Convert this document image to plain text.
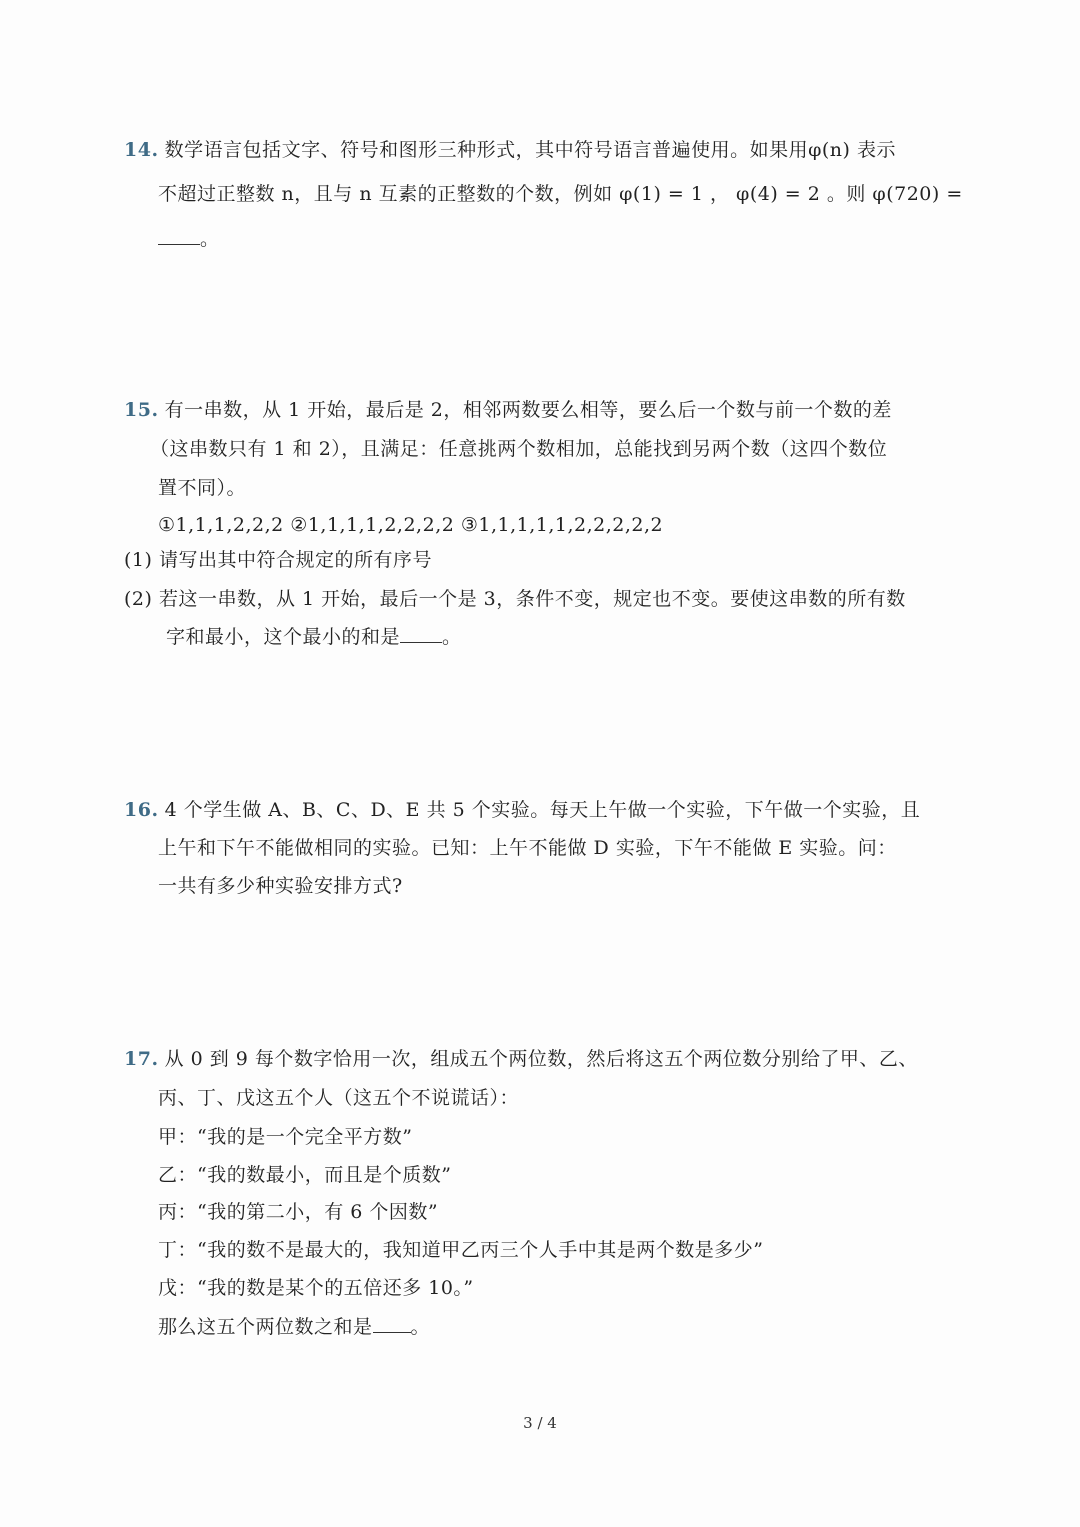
14. 数学语言包括文字、符号和图形三种形式，其中符号语言普遍使用。如果用φ(n) 表示
不超过正整数 n，且与 n 互素的正整数的个数，例如 φ(1) = 1 ， φ(4) = 2 。则 φ(720) =
。
15. 有一串数，从 1 开始，最后是 2，相邻两数要么相等，要么后一个数与前一个数的差
（这串数只有 1 和 2），且满足：任意挑两个数相加，总能找到另两个数（这四个数位
置不同）。
①1,1,1,2,2,2 ②1,1,1,1,2,2,2,2 ③1,1,1,1,1,2,2,2,2,2
(1) 请写出其中符合规定的所有序号
(2) 若这一串数，从 1 开始，最后一个是 3，条件不变，规定也不变。要使这串数的所有数
字和最小，这个最小的和是 。
16. 4 个学生做 A、B、C、D、E 共 5 个实验。每天上午做一个实验，下午做一个实验，且
上午和下午不能做相同的实验。已知：上午不能做 D 实验，下午不能做 E 实验。问：
一共有多少种实验安排方式?
17. 从 0 到 9 每个数字恰用一次，组成五个两位数，然后将这五个两位数分别给了甲、乙、
丙、丁、戊这五个人（这五个不说谎话）：
甲：“我的是一个完全平方数”
乙：“我的数最小，而且是个质数”
丙：“我的第二小，有 6 个因数”
丁：“我的数不是最大的，我知道甲乙丙三个人手中其是两个数是多少”
戊：“我的数是某个的五倍还多 10。”
那么这五个两位数之和是 。
3 / 4
